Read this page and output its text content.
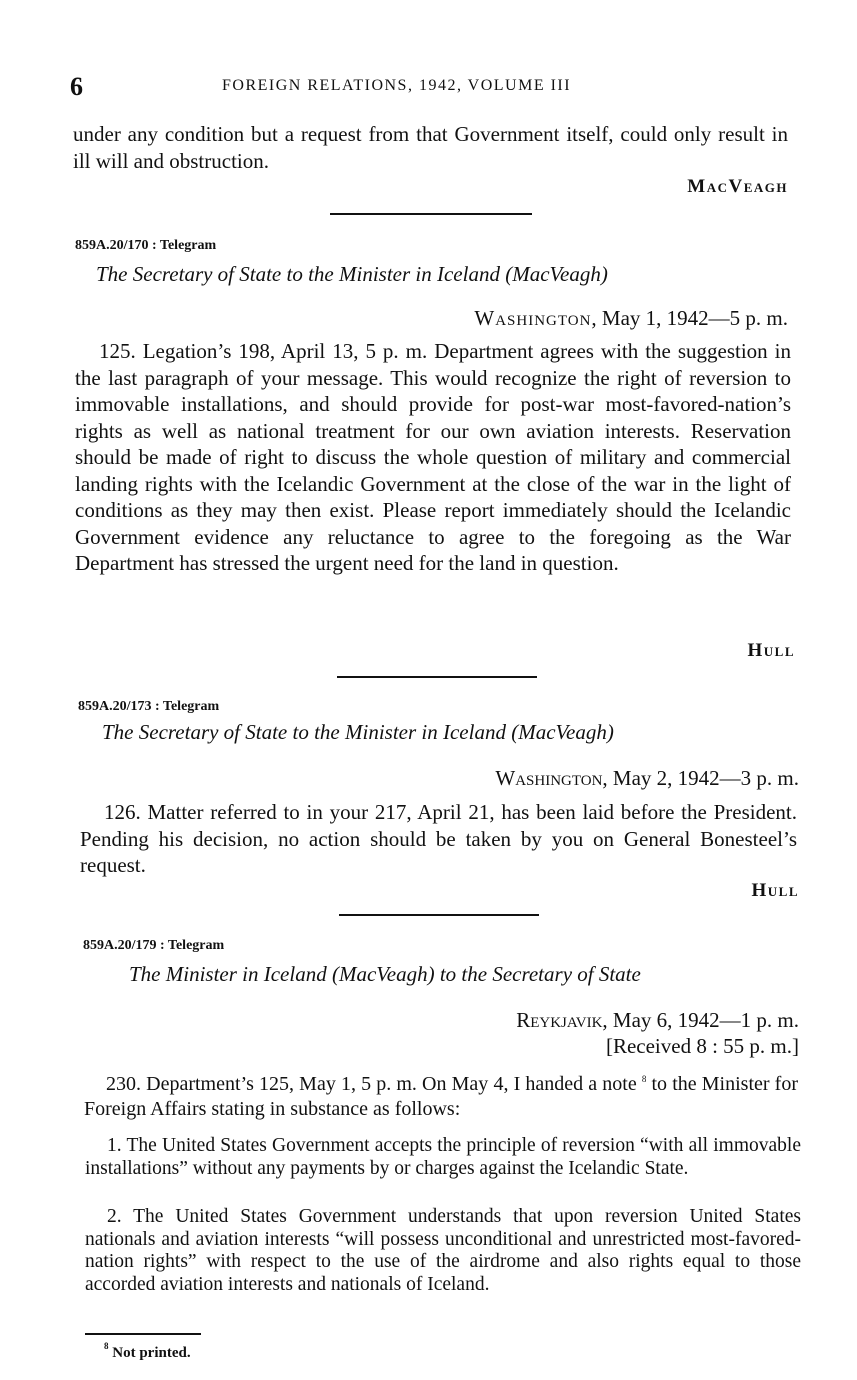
6	FOREIGN RELATIONS, 1942, VOLUME III
under any condition but a request from that Government itself, could only result in ill will and obstruction.
MacVeagh
859A.20/170 : Telegram
The Secretary of State to the Minister in Iceland (MacVeagh)
Washington, May 1, 1942—5 p. m.
125. Legation’s 198, April 13, 5 p. m. Department agrees with the suggestion in the last paragraph of your message. This would recognize the right of reversion to immovable installations, and should provide for post-war most-favored-nation’s rights as well as national treatment for our own aviation interests. Reservation should be made of right to discuss the whole question of military and commercial landing rights with the Icelandic Government at the close of the war in the light of conditions as they may then exist. Please report immediately should the Icelandic Government evidence any reluctance to agree to the foregoing as the War Department has stressed the urgent need for the land in question.
Hull
859A.20/173 : Telegram
The Secretary of State to the Minister in Iceland (MacVeagh)
Washington, May 2, 1942—3 p. m.
126. Matter referred to in your 217, April 21, has been laid before the President. Pending his decision, no action should be taken by you on General Bonesteel’s request.
Hull
859A.20/179 : Telegram
The Minister in Iceland (MacVeagh) to the Secretary of State
Reykjavik, May 6, 1942—1 p. m.
[Received 8 : 55 p. m.]
230. Department’s 125, May 1, 5 p. m. On May 4, I handed a note $^8$ to the Minister for Foreign Affairs stating in substance as follows:
1. The United States Government accepts the principle of reversion “with all immovable installations” without any payments by or charges against the Icelandic State.
2. The United States Government understands that upon reversion United States nationals and aviation interests “will possess unconditional and unrestricted most-favored-nation rights” with respect to the use of the airdrome and also rights equal to those accorded aviation interests and nationals of Iceland.
$^8$ Not printed.
